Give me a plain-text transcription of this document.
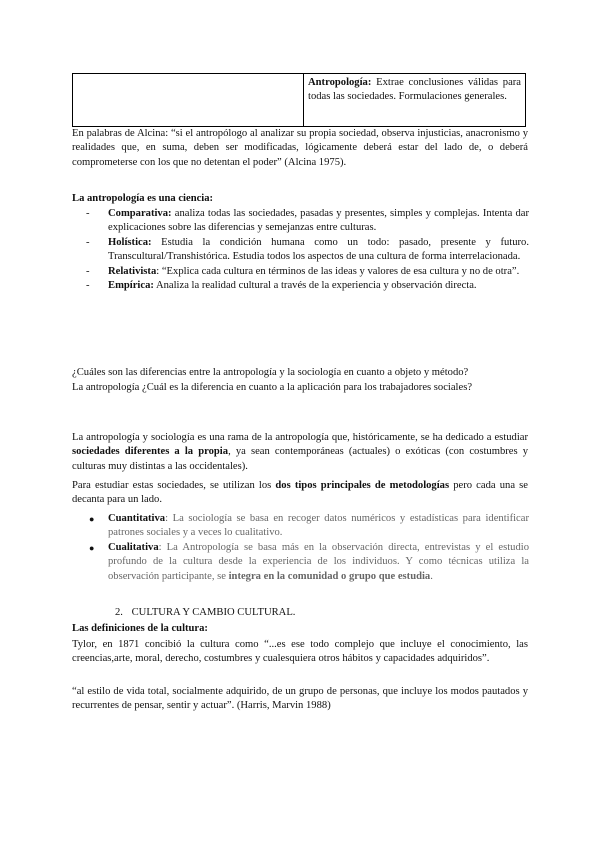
	Antropología: Extrae conclusiones válidas para todas las sociedades. Formulaciones generales.

En palabras de Alcina: “si el antropólogo al analizar su propia sociedad, observa injusticias, anacronismo y realidades que, en suma, deben ser modificadas, lógicamente deberá estar del lado de, o deberá comprometerse con los que no detentan el poder” (Alcina 1975).

La antropología es una ciencia:

- Comparativa: analiza todas las sociedades, pasadas y presentes, simples y complejas. Intenta dar explicaciones sobre las diferencias y semejanzas entre culturas.
- Holística: Estudia la condición humana como un todo: pasado, presente y futuro. Transcultural/Transhistórica. Estudia todos los aspectos de una cultura de forma interrelacionada.
- Relativista: “Explica cada cultura en términos de las ideas y valores de esa cultura y no de otra”.
- Empírica: Analiza la realidad cultural a través de la experiencia y observación directa.

¿Cuáles son las diferencias entre la antropología y la sociología en cuanto a objeto y método?

La antropología ¿Cuál es la diferencia en cuanto a la aplicación para los trabajadores sociales?

La antropología y sociología es una rama de la antropología que, históricamente, se ha dedicado a estudiar sociedades diferentes a la propia, ya sean contemporáneas (actuales) o exóticas (con costumbres y culturas muy distintas a las occidentales).

Para estudiar estas sociedades, se utilizan los dos tipos principales de metodologías pero cada una se decanta para un lado.

● Cuantitativa: La sociología se basa en recoger datos numéricos y estadísticas para identificar patrones sociales y a veces lo cualitativo.
● Cualitativa: La Antropología se basa más en la observación directa, entrevistas y el estudio profundo de la cultura desde la experiencia de los individuos. Y como técnicas utiliza la observación participante, se integra en la comunidad o grupo que estudia.
2. CULTURA Y CAMBIO CULTURAL.

Las definiciones de la cultura:

Tylor, en 1871 concibió la cultura como “...es ese todo complejo que incluye el conocimiento, las creencias,arte, moral, derecho, costumbres y cualesquiera otros hábitos y capacidades adquiridos”.

“al estilo de vida total, socialmente adquirido, de un grupo de personas, que incluye los modos pautados y recurrentes de pensar, sentir y actuar”. (Harris, Marvin 1988)
